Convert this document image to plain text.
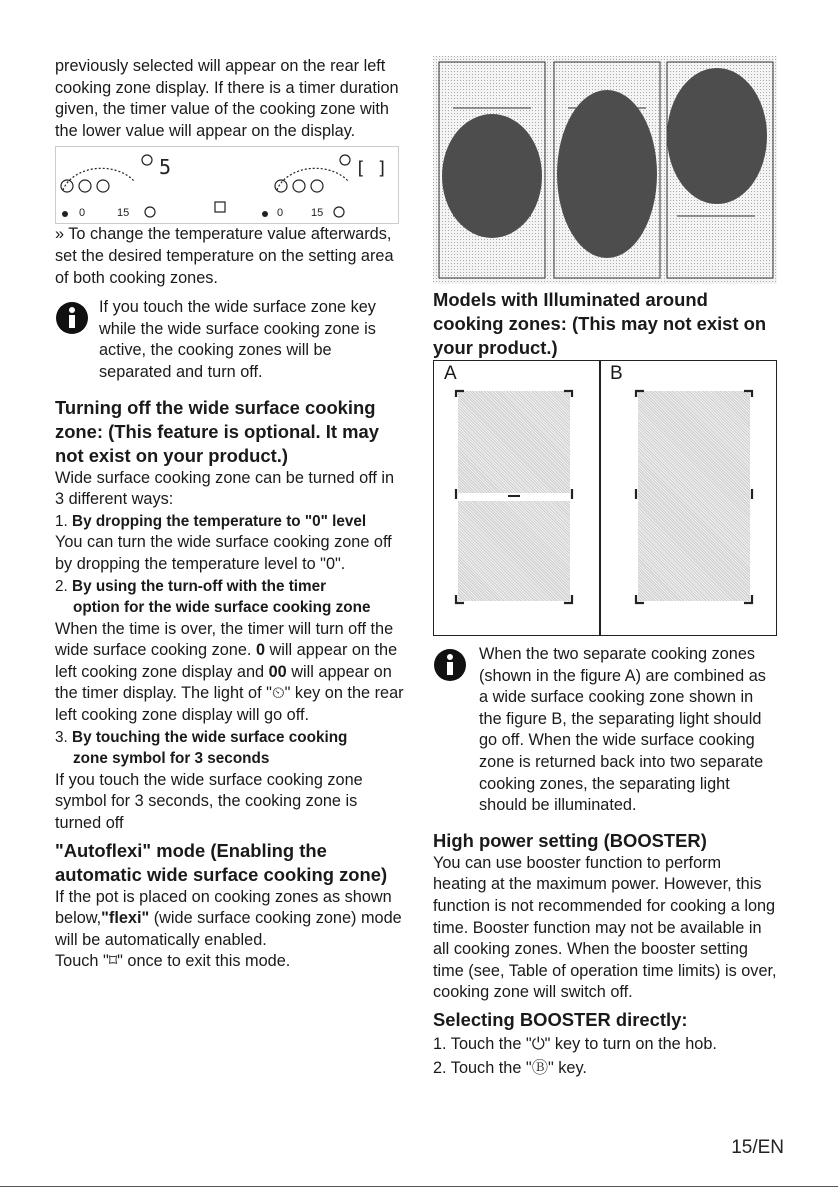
previously selected will appear on the rear left cooking zone display. If there is a timer duration given, the timer value of the cooking zone with the lower value will appear on the display.

5	[ ]
0	15	0	15

» To change the temperature value afterwards, set the desired temperature on the setting area of both cooking zones.

If you touch the wide surface zone key while the wide surface cooking zone is active, the cooking zones will be separated and turn off.

Turning off the wide surface cooking zone: (This feature is optional. It may not exist on your product.)

Wide surface cooking zone can be turned off in 3 different ways:

1. By dropping the temperature to "0" level

You can turn the wide surface cooking zone off by dropping the temperature level to "0".

2. By using the turn-off with the timer

option for the wide surface cooking zone

When the time is over, the timer will turn off the wide surface cooking zone. 0 will appear on the left cooking zone display and 00 will appear on the timer display. The light of "⏲" key on the rear left cooking zone display will go off.

3. By touching the wide surface cooking

zone symbol for 3 seconds

If you touch the wide surface cooking zone symbol for 3 seconds, the cooking zone is turned off

"Autoflexi" mode (Enabling the automatic wide surface cooking zone)

If the pot is placed on cooking zones as shown below,"flexi" (wide surface cooking zone) mode will be automatically enabled.

Touch "⌑" once to exit this mode.

Models with Illuminated around cooking zones: (This may not exist on your product.)
A	B

When the two separate cooking zones (shown in the figure A) are combined as a wide surface cooking zone shown in the figure B, the separating light should go off. When the wide surface cooking zone is returned back into two separate cooking zones, the separating light should be illuminated.

High power setting (BOOSTER)

You can use booster function to perform heating at the maximum power. However, this function is not recommended for cooking a long time. Booster function may not be available in all cooking zones. When the booster setting time (see, Table of operation time limits) is over, cooking zone will switch off.

Selecting BOOSTER directly:

1. Touch the "⏻" key to turn on the hob.

2. Touch the "Ⓑ" key.

15/EN
